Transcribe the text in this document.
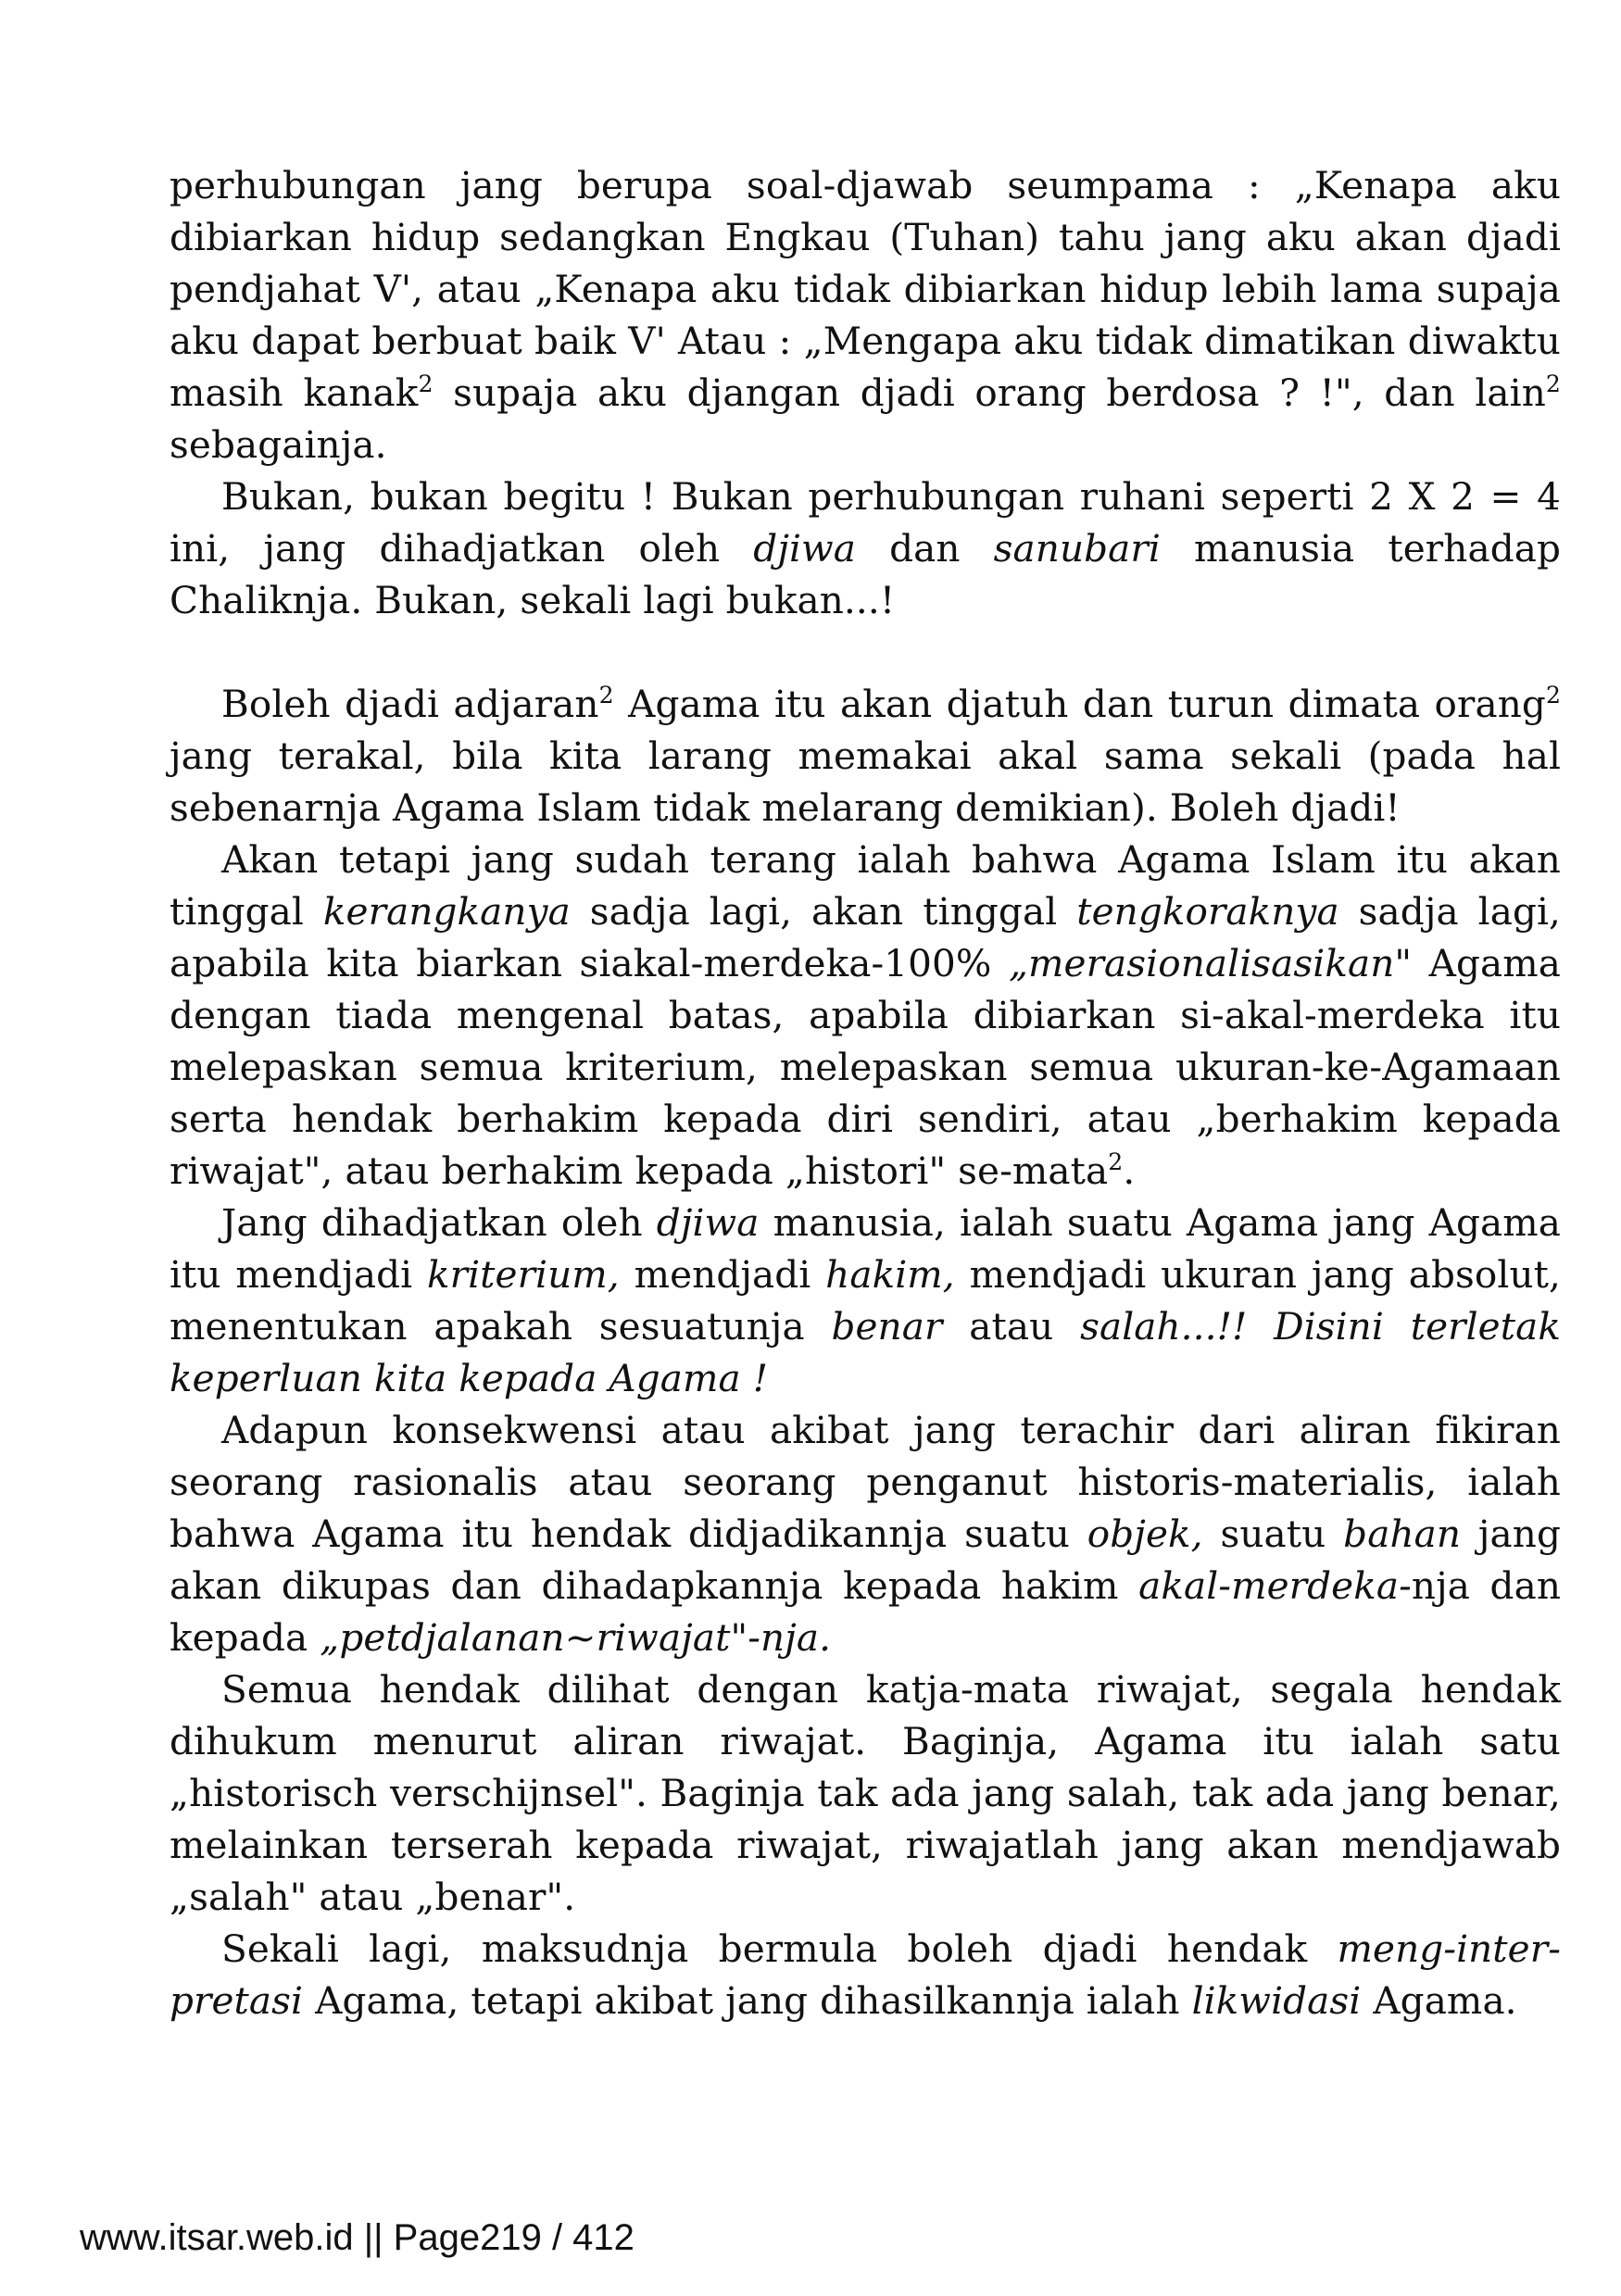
perhubungan jang berupa soal-djawab seumpama : „Kenapa aku dibiarkan hidup sedangkan Engkau (Tuhan) tahu jang aku akan djadi pendjahat V', atau „Kenapa aku tidak dibiarkan hidup lebih lama supaja aku dapat berbuat baik V' Atau : „Mengapa aku tidak dimatikan diwaktu masih kanak$^2$ supaja aku djangan djadi orang berdosa ? !", dan lain$^2$ sebagainja.

Bukan, bukan begitu ! Bukan perhubungan ruhani seperti 2 X 2 = 4 ini, jang dihadjatkan oleh djiwa dan sanubari manusia terhadap Chaliknja. Bukan, sekali lagi bukan...!

Boleh djadi adjaran$^2$ Agama itu akan djatuh dan turun dimata orang$^2$ jang terakal, bila kita larang memakai akal sama sekali (pada hal sebenarnja Agama Islam tidak melarang demikian). Boleh djadi!

Akan tetapi jang sudah terang ialah bahwa Agama Islam itu akan tinggal kerangkanya sadja lagi, akan tinggal tengkoraknya sadja lagi, apabila kita biarkan siakal-merdeka-100% „merasionalisasikan" Agama dengan tiada mengenal batas, apabila dibiarkan si-akal-merdeka itu melepaskan semua kriterium, melepaskan semua ukuran-ke-Agamaan serta hendak berhakim kepada diri sendiri, atau „berhakim kepada riwajat", atau berhakim kepada „histori" se-mata$^2$.

Jang dihadjatkan oleh djiwa manusia, ialah suatu Agama jang Agama itu mendjadi kriterium, mendjadi hakim, mendjadi ukuran jang absolut, menentukan apakah sesuatunja benar atau salah...!! Disini terletak keperluan kita kepada Agama !

Adapun konsekwensi atau akibat jang terachir dari aliran fikiran seorang rasionalis atau seorang penganut historis-materialis, ialah bahwa Agama itu hendak didjadikannja suatu objek, suatu bahan jang akan dikupas dan dihadapkannja kepada hakim akal-merdeka-nja dan kepada „petdjalanan~riwajat"-nja.

Semua hendak dilihat dengan katja-mata riwajat, segala hendak dihukum menurut aliran riwajat. Baginja, Agama itu ialah satu „historisch verschijnsel". Baginja tak ada jang salah, tak ada jang benar, melainkan terserah kepada riwajat, riwajatlah jang akan mendjawab „salah" atau „benar".

Sekali lagi, maksudnja bermula boleh djadi hendak meng-inter-pretasi Agama, tetapi akibat jang dihasilkannja ialah likwidasi Agama.

www.itsar.web.id || Page219 / 412
